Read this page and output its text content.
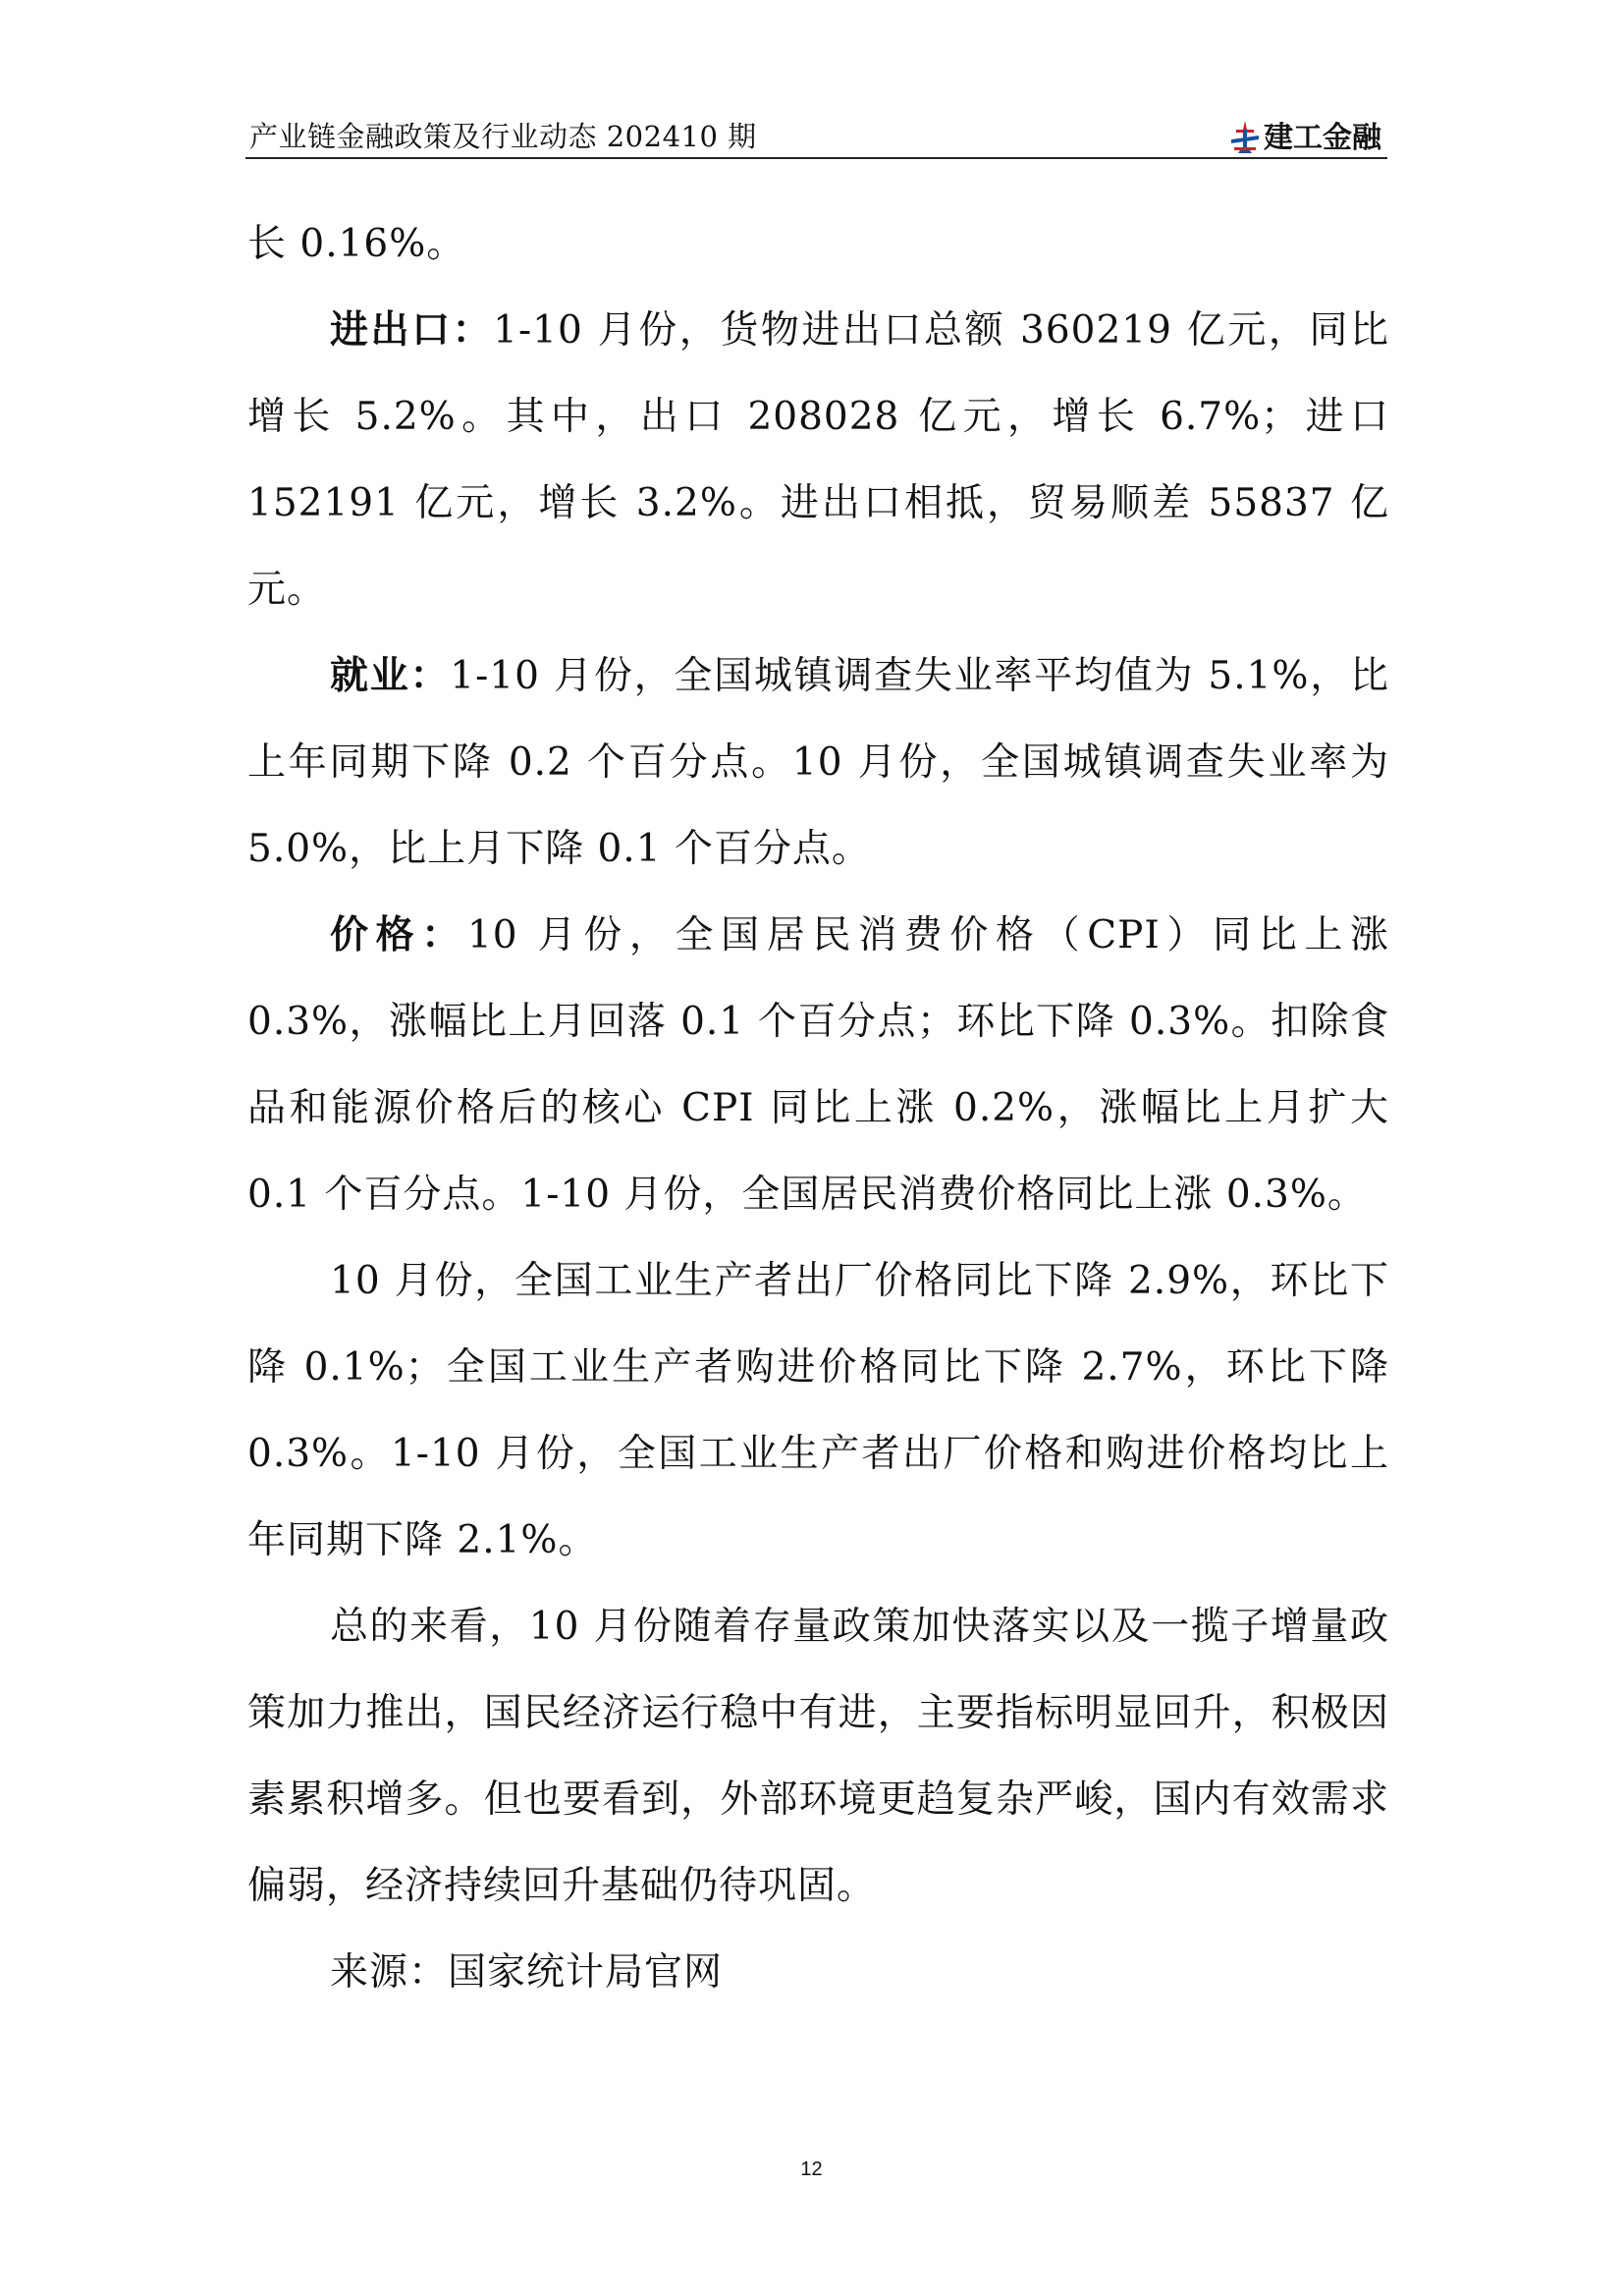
产业链金融政策及行业动态 202410 期	建工金融

长 0.16%。

进出口：1-10 月份，货物进出口总额 360219 亿元，同比增长 5.2%。其中，出口 208028 亿元，增长 6.7%；进口 152191 亿元，增长 3.2%。进出口相抵，贸易顺差 55837 亿元。

就业：1-10 月份，全国城镇调查失业率平均值为 5.1%，比上年同期下降 0.2 个百分点。10 月份，全国城镇调查失业率为 5.0%，比上月下降 0.1 个百分点。

价格：10 月份，全国居民消费价格（CPI）同比上涨 0.3%，涨幅比上月回落 0.1 个百分点；环比下降 0.3%。扣除食品和能源价格后的核心 CPI 同比上涨 0.2%，涨幅比上月扩大 0.1 个百分点。1-10 月份，全国居民消费价格同比上涨 0.3%。

10 月份，全国工业生产者出厂价格同比下降 2.9%，环比下降 0.1%；全国工业生产者购进价格同比下降 2.7%，环比下降 0.3%。1-10 月份，全国工业生产者出厂价格和购进价格均比上年同期下降 2.1%。

总的来看，10 月份随着存量政策加快落实以及一揽子增量政策加力推出，国民经济运行稳中有进，主要指标明显回升，积极因素累积增多。但也要看到，外部环境更趋复杂严峻，国内有效需求偏弱，经济持续回升基础仍待巩固。

来源：国家统计局官网

12
